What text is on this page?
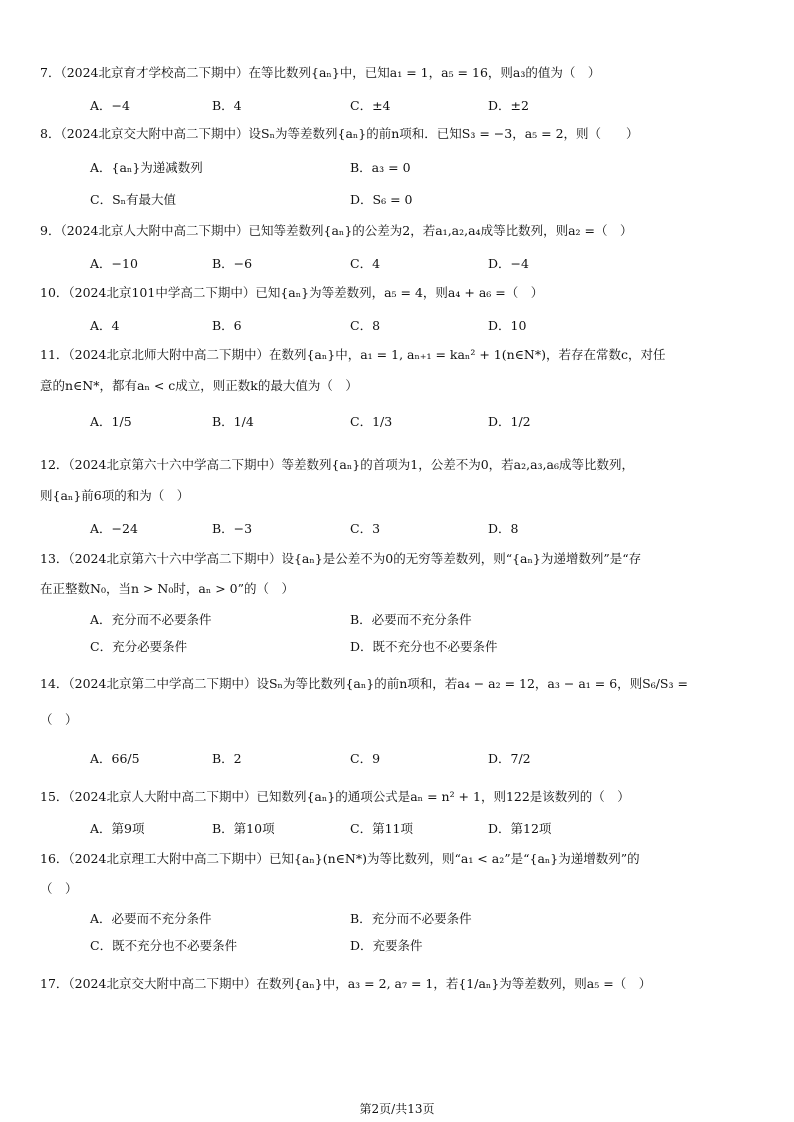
7．（2024北京育才学校高二下期中）在等比数列{aₙ}中，已知a₁ = 1，a₅ = 16，则a₃的值为（　）
A．−4	B．4	C．±4	D．±2
8．（2024北京交大附中高二下期中）设Sₙ为等差数列{aₙ}的前n项和．已知S₃ = −3，a₅ = 2，则（　　）
A．{aₙ}为递减数列	B．a₃ = 0
C．Sₙ有最大值	D．S₆ = 0
9．（2024北京人大附中高二下期中）已知等差数列{aₙ}的公差为2，若a₁,a₂,a₄成等比数列，则a₂ =（　）
A．−10	B．−6	C．4	D．−4
10．（2024北京101中学高二下期中）已知{aₙ}为等差数列，a₅ = 4，则a₄ + a₆ =（　）
A．4	B．6	C．8	D．10
11．（2024北京北师大附中高二下期中）在数列{aₙ}中，a₁ = 1, aₙ₊₁ = kaₙ² + 1(n∈N*)，若存在常数c，对任
意的n∈N*，都有aₙ < c成立，则正数k的最大值为（　）
A．1/5	B．1/4	C．1/3	D．1/2
12．（2024北京第六十六中学高二下期中）等差数列{aₙ}的首项为1，公差不为0，若a₂,a₃,a₆成等比数列，
则{aₙ}前6项的和为（　）
A．−24	B．−3	C．3	D．8
13．（2024北京第六十六中学高二下期中）设{aₙ}是公差不为0的无穷等差数列，则“{aₙ}为递增数列”是“存
在正整数N₀，当n > N₀时，aₙ > 0”的（　）
A．充分而不必要条件	B．必要而不充分条件
C．充分必要条件	D．既不充分也不必要条件
14．（2024北京第二中学高二下期中）设Sₙ为等比数列{aₙ}的前n项和，若a₄ − a₂ = 12，a₃ − a₁ = 6，则S₆/S₃ =
（　）
A．66/5	B．2	C．9	D．7/2
15．（2024北京人大附中高二下期中）已知数列{aₙ}的通项公式是aₙ = n² + 1，则122是该数列的（　）
A．第9项	B．第10项	C．第11项	D．第12项
16．（2024北京理工大附中高二下期中）已知{aₙ}(n∈N*)为等比数列，则“a₁ < a₂”是“{aₙ}为递增数列”的
（　）
A．必要而不充分条件	B．充分而不必要条件
C．既不充分也不必要条件	D．充要条件
17．（2024北京交大附中高二下期中）在数列{aₙ}中，a₃ = 2, a₇ = 1，若{1/aₙ}为等差数列，则a₅ =（　）
第2页/共13页
